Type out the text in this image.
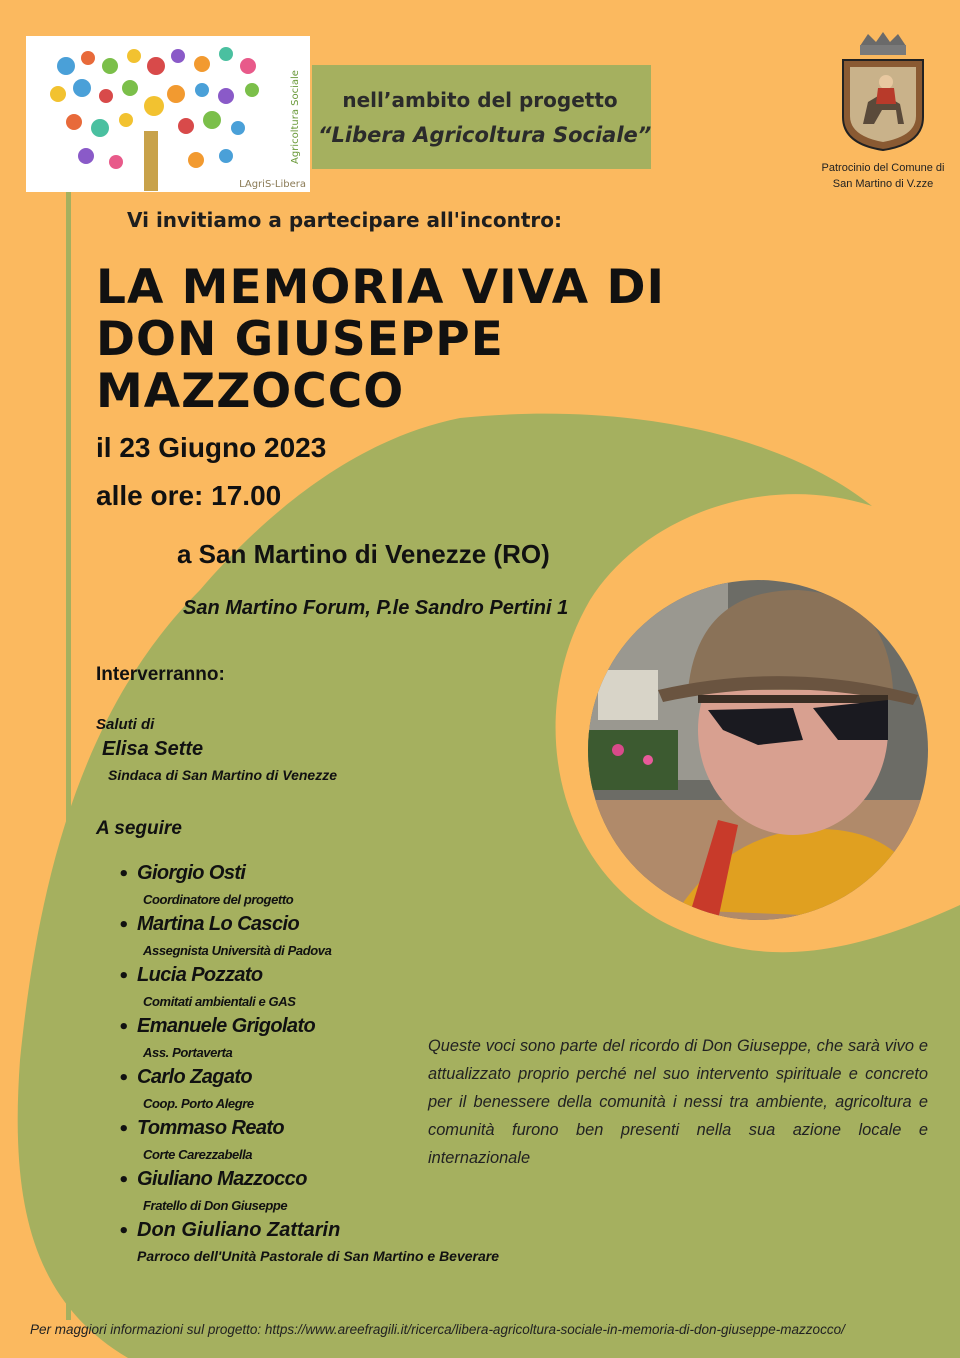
Agricoltura Sociale
LAgriS-Libera
nell’ambito del progetto
“Libera Agricoltura Sociale”
Patrocinio del Comune di
San Martino di V.zze
Vi invitiamo a partecipare all'incontro:
LA MEMORIA VIVA DI
DON GIUSEPPE
MAZZOCCO
il 23 Giugno 2023
alle ore: 17.00
a San Martino di Venezze (RO)
San Martino Forum, P.le Sandro Pertini 1
Interverranno:
Saluti di
Elisa Sette
Sindaca di San Martino di Venezze
A seguire
• Giorgio Osti
Coordinatore del progetto
• Martina Lo Cascio
Assegnista Università di Padova
• Lucia Pozzato
Comitati ambientali e GAS
• Emanuele Grigolato
Ass. Portaverta
• Carlo Zagato
Coop. Porto Alegre
• Tommaso Reato
Corte Carezzabella
• Giuliano Mazzocco
Fratello di Don Giuseppe
• Don Giuliano Zattarin
Parroco dell'Unità Pastorale di San Martino e Beverare
Queste voci sono parte del ricordo di Don Giuseppe, che sarà vivo e attualizzato proprio perché nel suo intervento spirituale e concreto per il benessere della comunità i nessi tra ambiente, agricoltura e comunità furono ben presenti nella sua azione locale e internazionale
Per maggiori informazioni sul progetto: https://www.areefragili.it/ricerca/libera-agricoltura-sociale-in-memoria-di-don-giuseppe-mazzocco/
